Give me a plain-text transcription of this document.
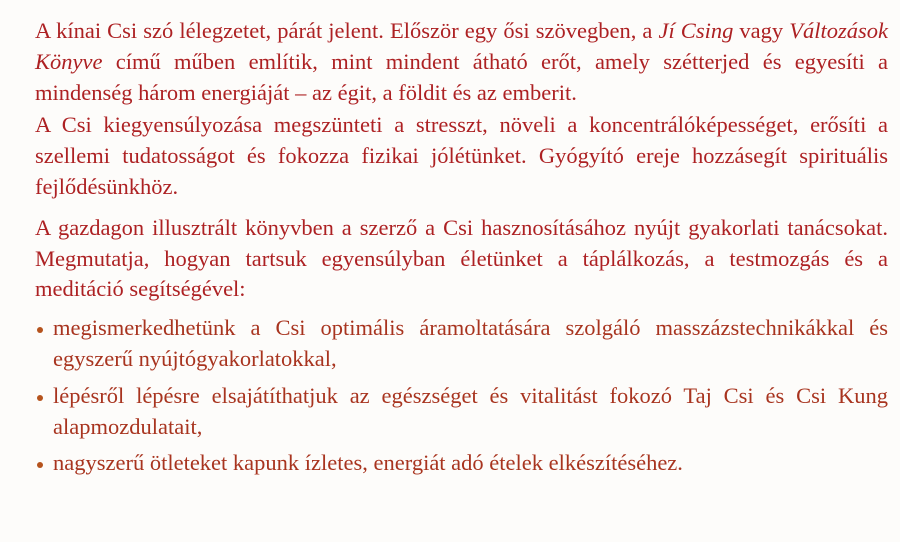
A kínai Csi szó lélegzetet, párát jelent. Először egy ősi szövegben, a Jí Csing vagy Változások Könyve című műben említik, mint mindent átható erőt, amely szétterjed és egyesíti a mindenség három energiáját – az égit, a földit és az emberit.

A Csi kiegyensúlyozása megszünteti a stresszt, növeli a koncentrálóképességet, erősíti a szellemi tudatosságot és fokozza fizikai jólétünket. Gyógyító ereje hozzásegít spirituális fejlődésünkhöz.

A gazdagon illusztrált könyvben a szerző a Csi hasznosításához nyújt gyakorlati tanácsokat. Megmutatja, hogyan tartsuk egyensúlyban életünket a táplálkozás, a testmozgás és a meditáció segítségével:

megismerkedhetünk a Csi optimális áramoltatására szolgáló masszázstechnikákkal és egyszerű nyújtógyakorlatokkal,
lépésről lépésre elsajátíthatjuk az egészséget és vitalitást fokozó Taj Csi és Csi Kung alapmozdulatait,
nagyszerű ötleteket kapunk ízletes, energiát adó ételek elkészítéséhez.
